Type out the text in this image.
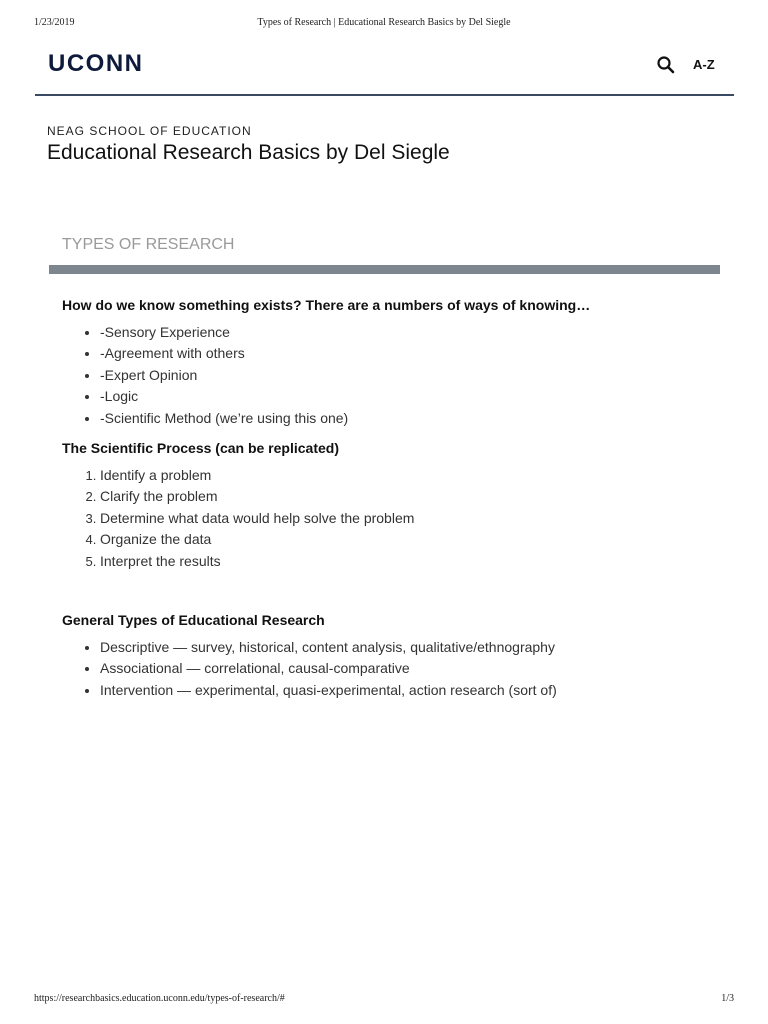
1/23/2019	Types of Research | Educational Research Basics by Del Siegle
UCONN	A-Z
NEAG SCHOOL OF EDUCATION
Educational Research Basics by Del Siegle
TYPES OF RESEARCH

How do we know something exists? There are a numbers of ways of knowing…

• -Sensory Experience
• -Agreement with others
• -Expert Opinion
• -Logic
• -Scientific Method (we’re using this one)

The Scientific Process (can be replicated)

1. Identify a problem
2. Clarify the problem
3. Determine what data would help solve the problem
4. Organize the data
5. Interpret the results

General Types of Educational Research

• Descriptive — survey, historical, content analysis, qualitative/ethnography
• Associational — correlational, causal-comparative
• Intervention — experimental, quasi-experimental, action research (sort of)
https://researchbasics.education.uconn.edu/types-of-research/#	1/3
